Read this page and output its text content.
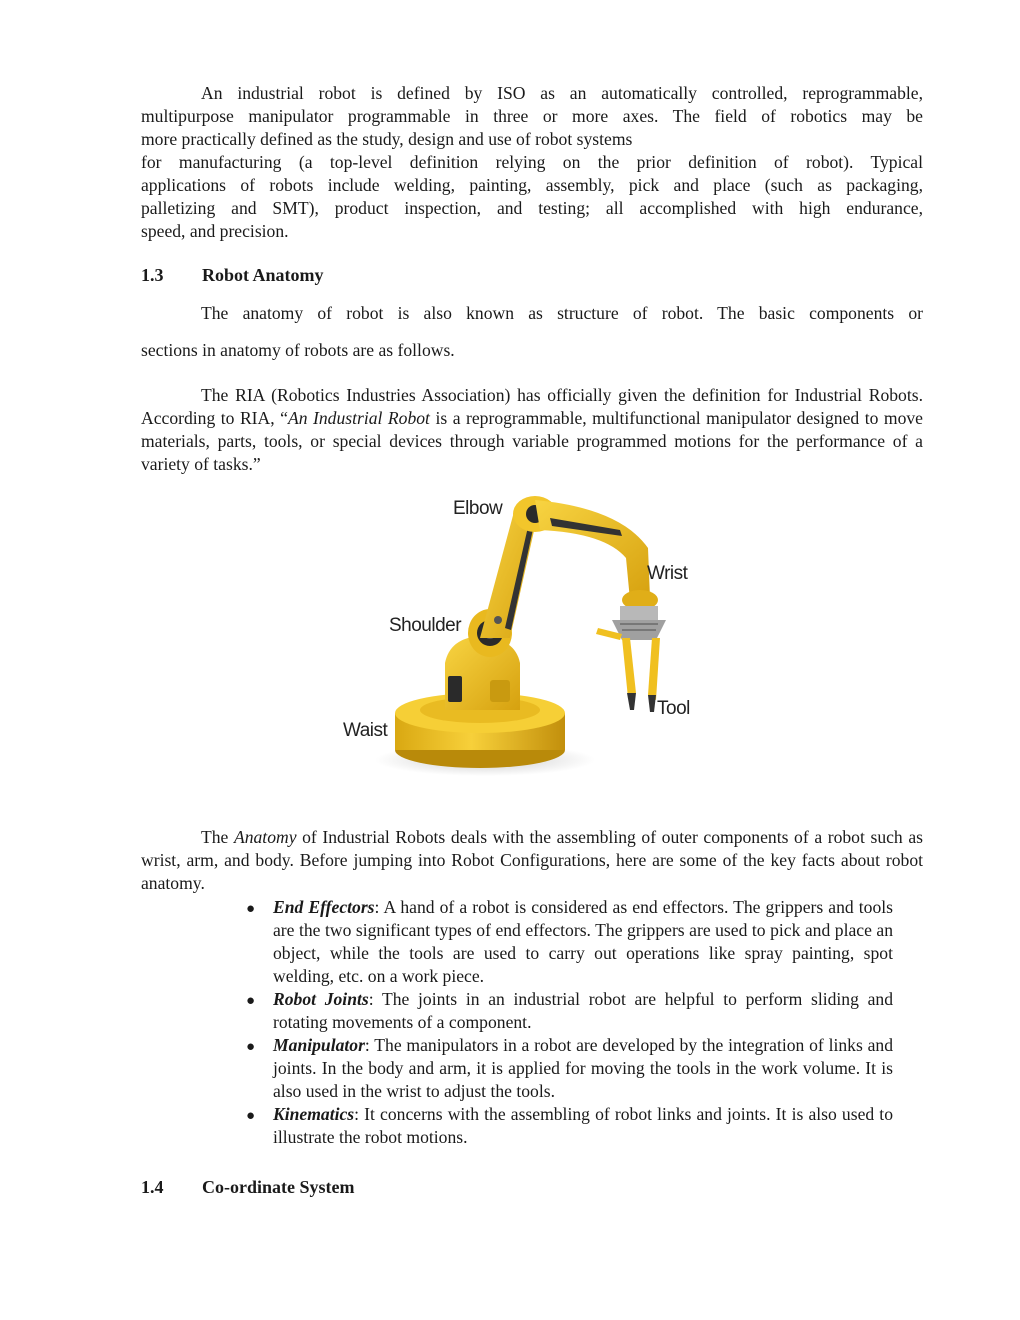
An industrial robot is defined by ISO as an automatically controlled, reprogrammable,
multipurpose manipulator programmable in three or more axes. The field of robotics may be
more practically defined as the study, design and use of robot systems
for manufacturing (a top-level definition relying on the prior definition of robot). Typical
applications of robots include welding, painting, assembly, pick and place (such as packaging,
palletizing and SMT), product inspection, and testing; all accomplished with high endurance,
speed, and precision.
1.3	Robot Anatomy
The anatomy of robot is also known as structure of robot. The basic components or
sections in anatomy of robots are as follows.

The RIA (Robotics Industries Association) has officially given the definition for Industrial Robots. According to RIA, “An Industrial Robot is a reprogrammable, multifunctional manipulator designed to move materials, parts, tools, or special devices through variable programmed motions for the performance of a variety of tasks.”

Elbow
Wrist
Shoulder
Tool
Waist

The Anatomy of Industrial Robots deals with the assembling of outer components of a robot such as wrist, arm, and body. Before jumping into Robot Configurations, here are some of the key facts about robot anatomy.

● End Effectors: A hand of a robot is considered as end effectors. The grippers and tools are the two significant types of end effectors. The grippers are used to pick and place an object, while the tools are used to carry out operations like spray painting, spot welding, etc. on a work piece.
● Robot Joints: The joints in an industrial robot are helpful to perform sliding and rotating movements of a component.
● Manipulator: The manipulators in a robot are developed by the integration of links and joints. In the body and arm, it is applied for moving the tools in the work volume. It is also used in the wrist to adjust the tools.
● Kinematics: It concerns with the assembling of robot links and joints. It is also used to illustrate the robot motions.
1.4	Co-ordinate System
